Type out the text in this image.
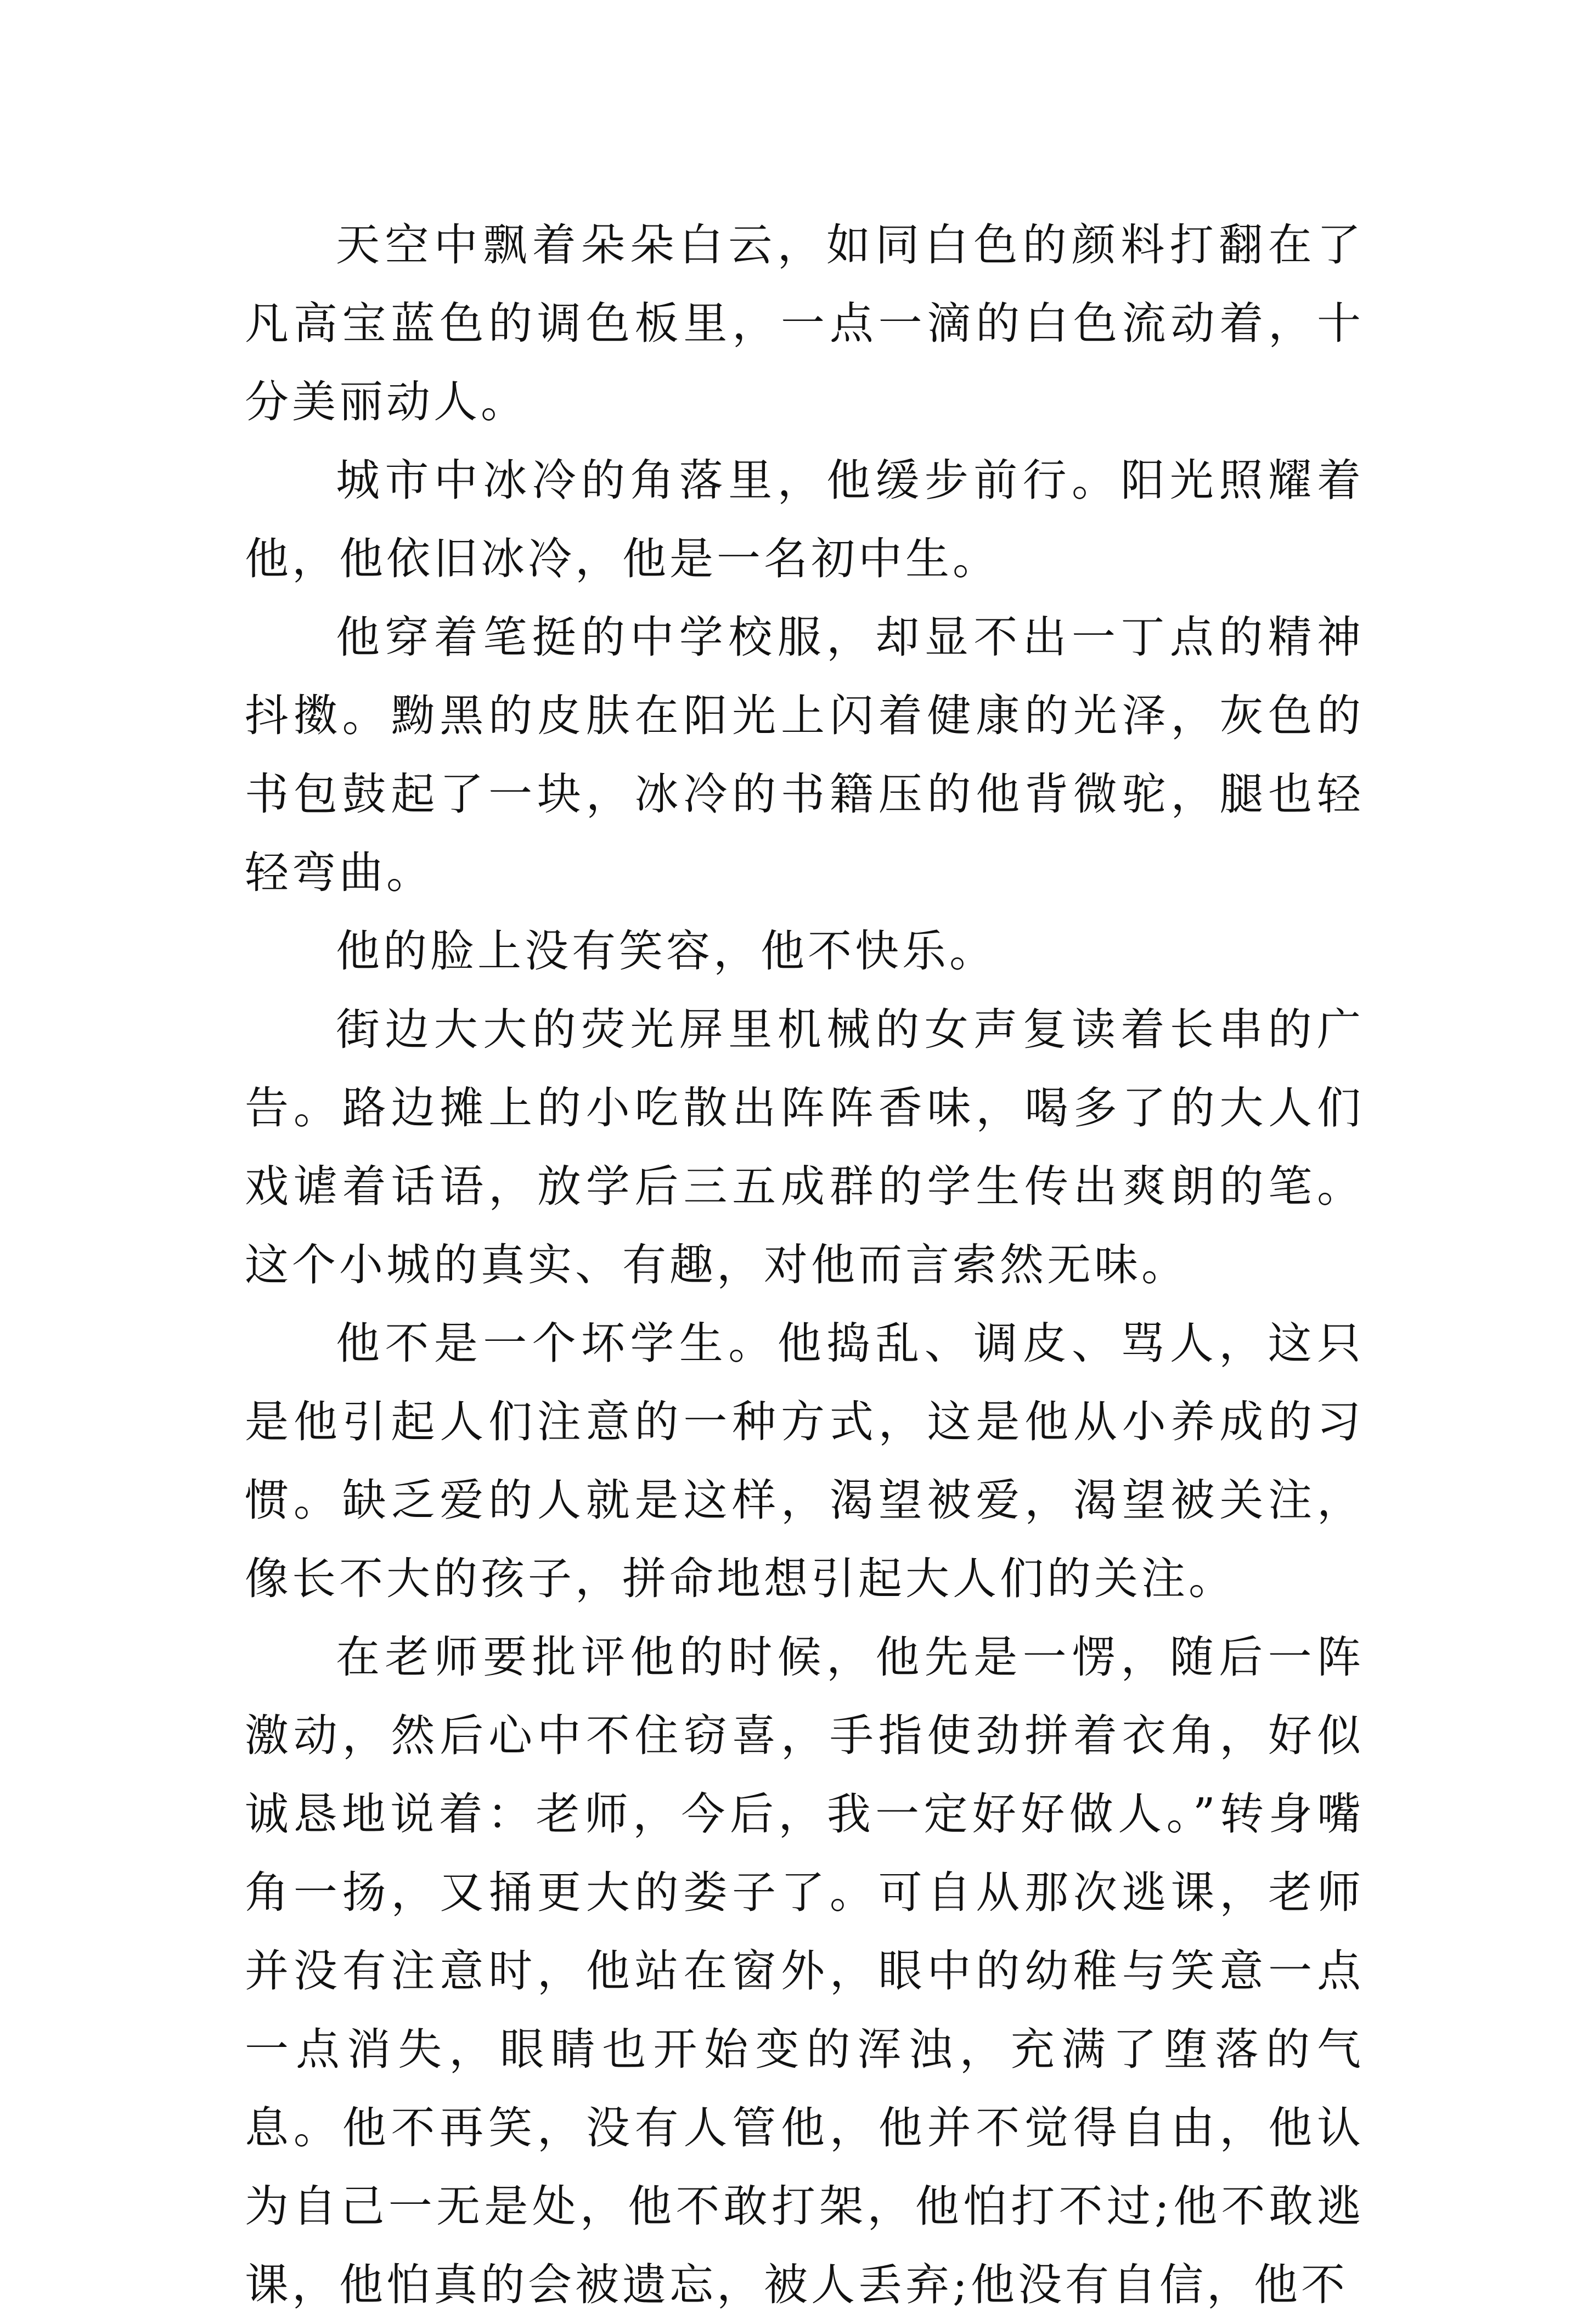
天空中飘着朵朵白云，如同白色的颜料打翻在了凡高宝蓝色的调色板里，一点一滴的白色流动着，十分美丽动人。

城市中冰冷的角落里，他缓步前行。阳光照耀着他，他依旧冰冷，他是一名初中生。

他穿着笔挺的中学校服，却显不出一丁点的精神抖擞。黝黑的皮肤在阳光上闪着健康的光泽，灰色的书包鼓起了一块，冰冷的书籍压的他背微驼，腿也轻轻弯曲。

他的脸上没有笑容，他不快乐。

街边大大的荧光屏里机械的女声复读着长串的广告。路边摊上的小吃散出阵阵香味，喝多了的大人们戏谑着话语，放学后三五成群的学生传出爽朗的笔。这个小城的真实、有趣，对他而言索然无味。

他不是一个坏学生。他捣乱、调皮、骂人，这只是他引起人们注意的一种方式，这是他从小养成的习惯。缺乏爱的人就是这样，渴望被爱，渴望被关注，像长不大的孩子，拼命地想引起大人们的关注。

在老师要批评他的时候，他先是一愣，随后一阵激动，然后心中不住窃喜，手指使劲拼着衣角，好似诚恳地说着：老师，今后，我一定好好做人。”转身嘴角一扬，又捅更大的娄子了。可自从那次逃课，老师并没有注意时，他站在窗外，眼中的幼稚与笑意一点一点消失，眼睛也开始变的浑浊，充满了堕落的气息。他不再笑，没有人管他，他并不觉得自由，他认为自己一无是处，他不敢打架，他怕打不过;他不敢逃课，他怕真的会被遗忘，被人丢弃;他没有自信，他不
